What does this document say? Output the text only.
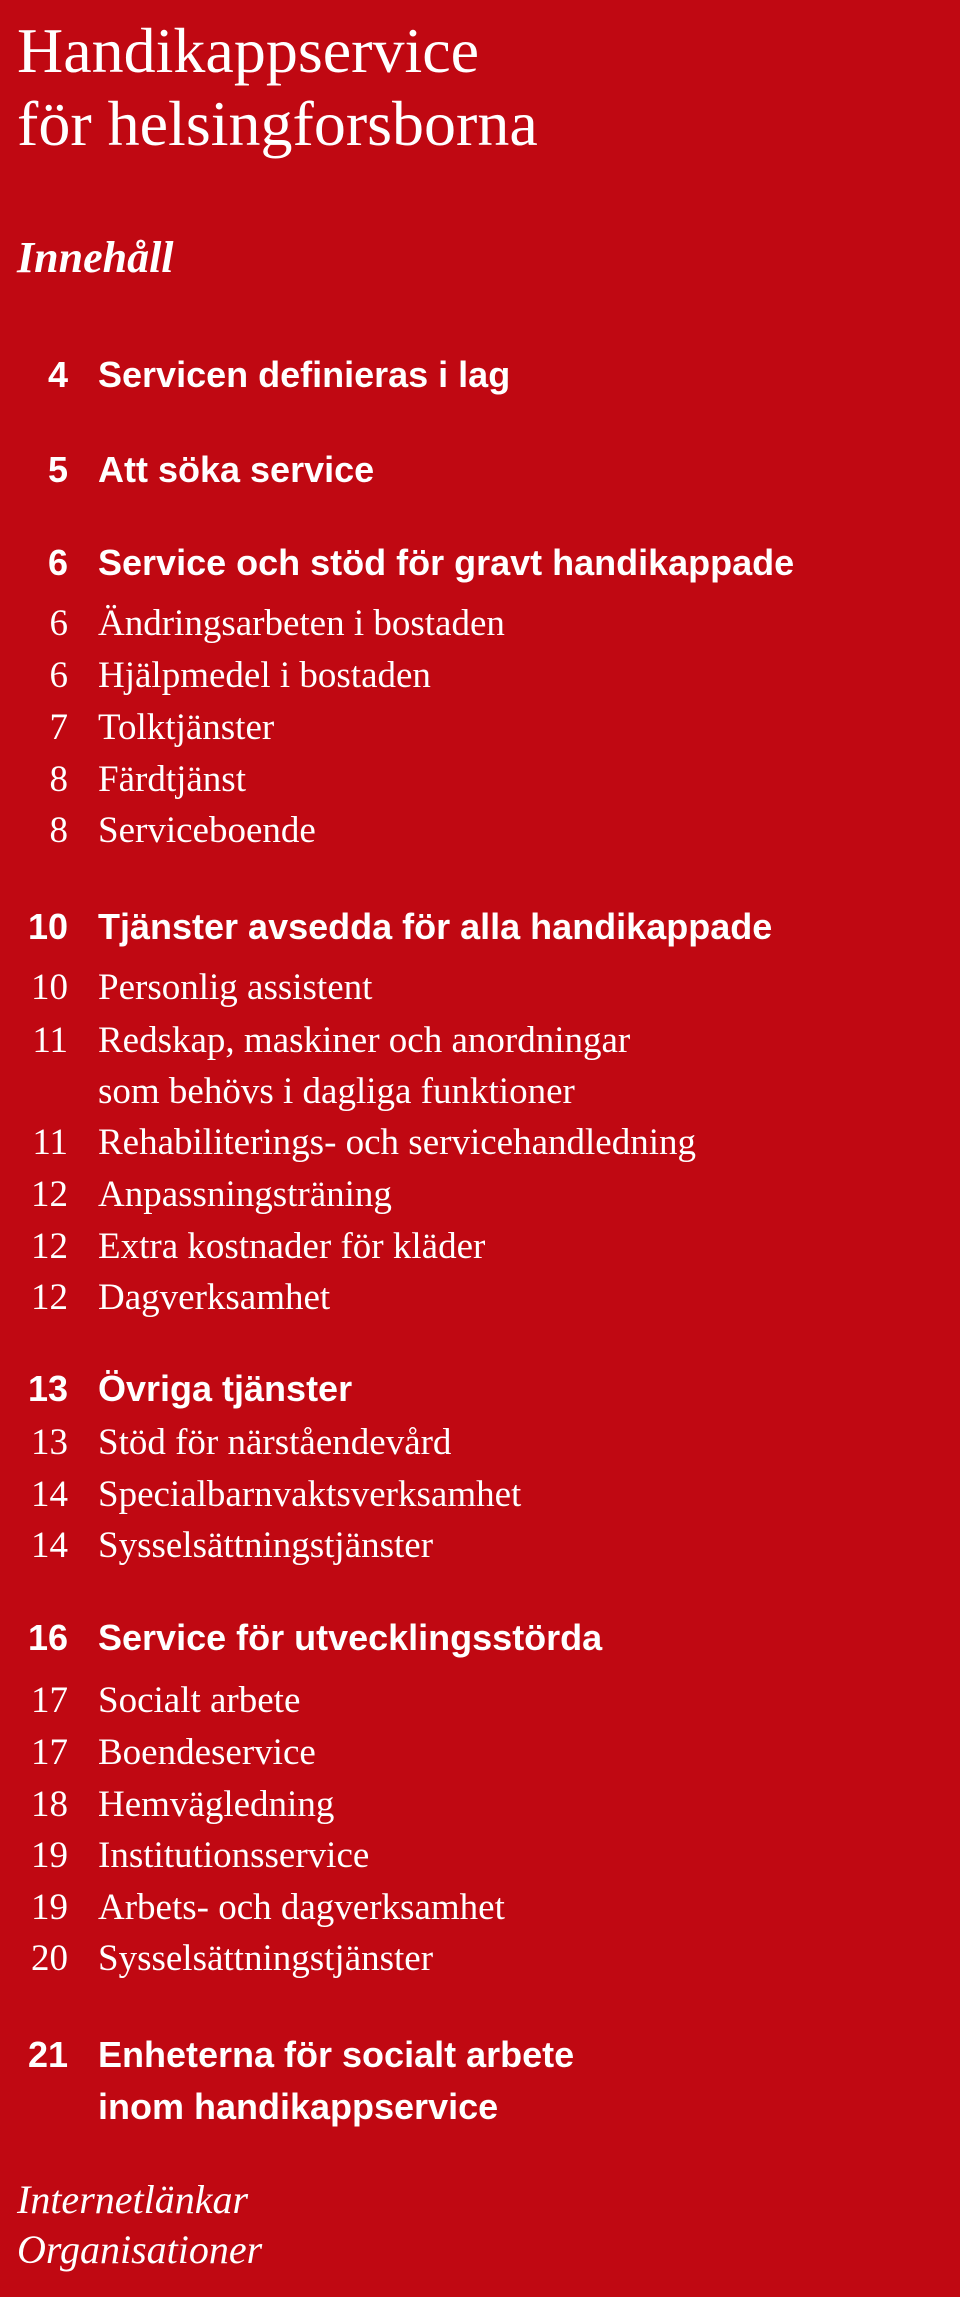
Handikappservice
för helsingforsborna
Innehåll
4 Servicen definieras i lag
5 Att söka service
6 Service och stöd för gravt handikappade
6 Ändringsarbeten i bostaden
6 Hjälpmedel i bostaden
7 Tolktjänster
8 Färdtjänst
8 Serviceboende
10 Tjänster avsedda för alla handikappade
10 Personlig assistent
11 Redskap, maskiner och anordningar
som behövs i dagliga funktioner
11 Rehabiliterings- och servicehandledning
12 Anpassningsträning
12 Extra kostnader för kläder
12 Dagverksamhet
13 Övriga tjänster
13 Stöd för närståendevård
14 Specialbarnvaktsverksamhet
14 Sysselsättningstjänster
16 Service för utvecklingsstörda
17 Socialt arbete
17 Boendeservice
18 Hemvägledning
19 Institutionsservice
19 Arbets- och dagverksamhet
20 Sysselsättningstjänster
21 Enheterna för socialt arbete
inom handikappservice
Internetlänkar
Organisationer
